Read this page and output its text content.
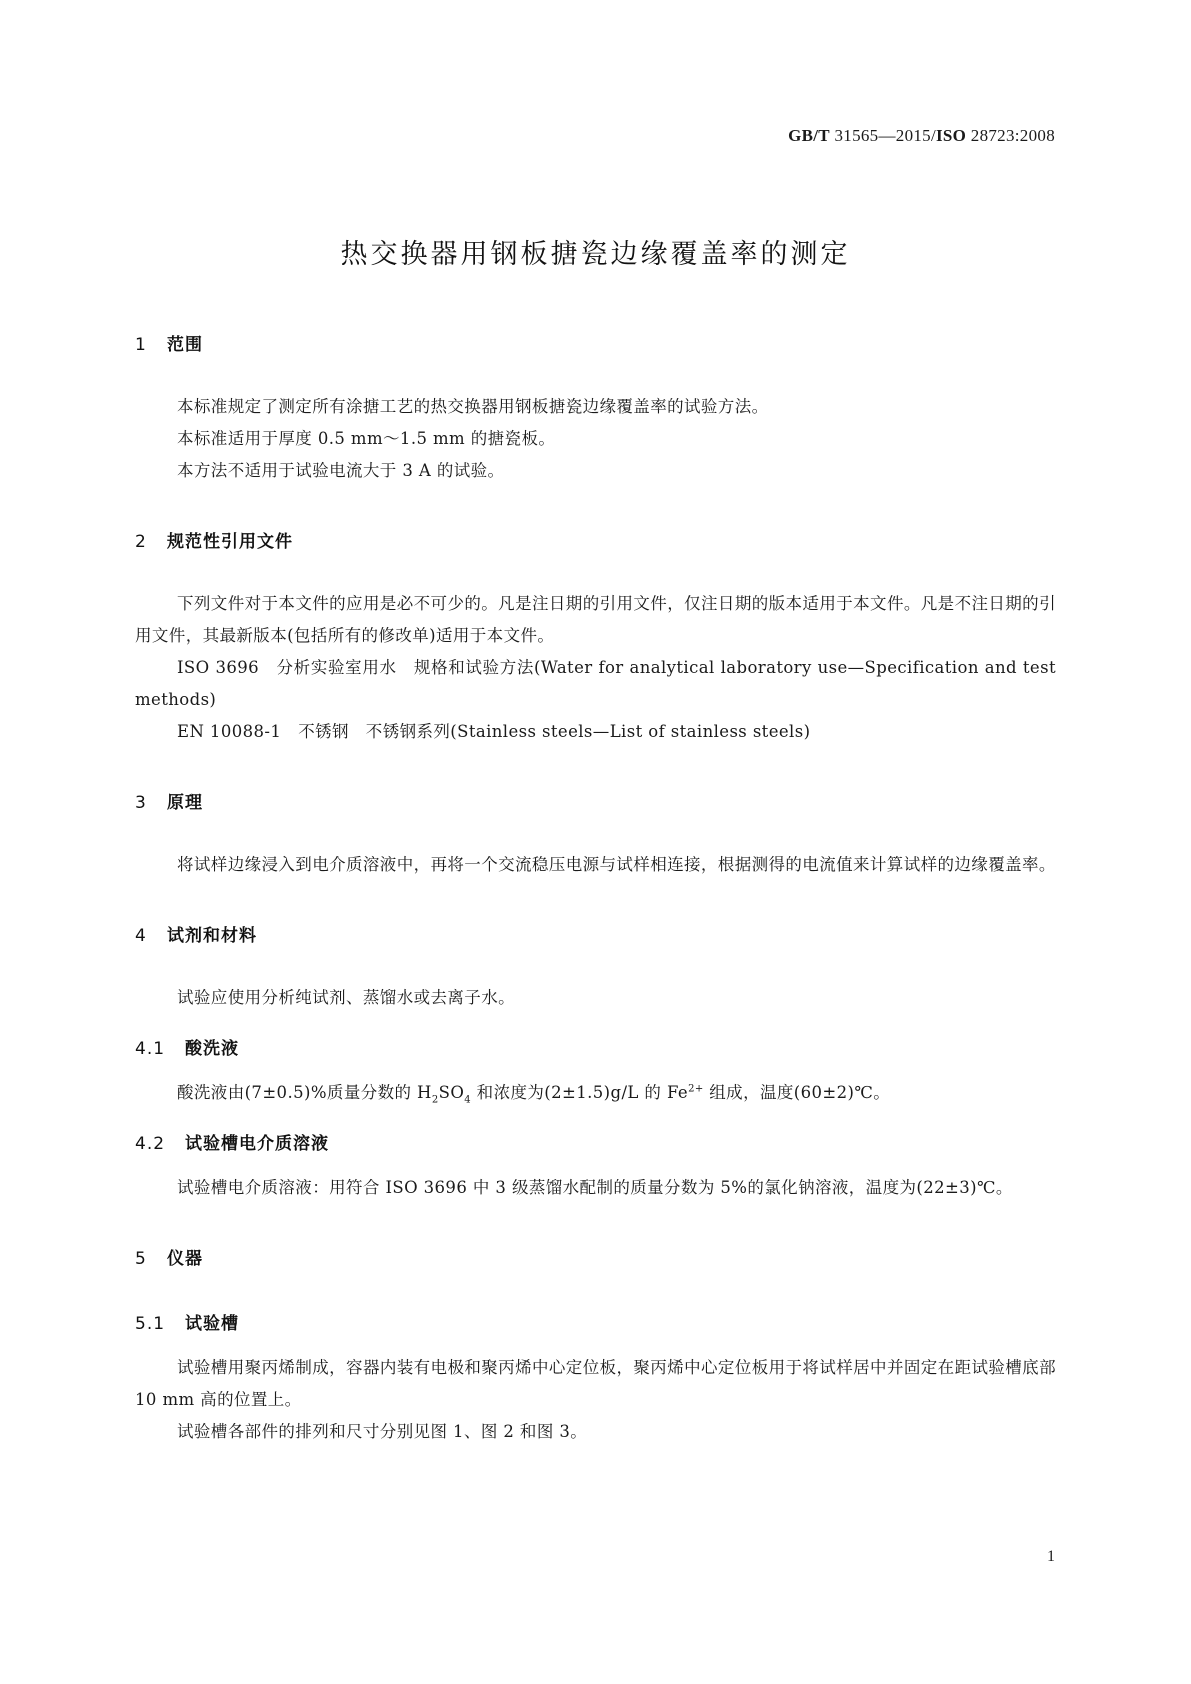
GB/T 31565—2015/ISO 28723:2008
热交换器用钢板搪瓷边缘覆盖率的测定
1 范围

本标准规定了测定所有涂搪工艺的热交换器用钢板搪瓷边缘覆盖率的试验方法。

本标准适用于厚度 0.5 mm～1.5 mm 的搪瓷板。

本方法不适用于试验电流大于 3 A 的试验。

2 规范性引用文件

下列文件对于本文件的应用是必不可少的。凡是注日期的引用文件，仅注日期的版本适用于本文件。凡是不注日期的引用文件，其最新版本(包括所有的修改单)适用于本文件。

ISO 3696　分析实验室用水　规格和试验方法(Water for analytical laboratory use—Specification and test methods)

EN 10088-1　不锈钢　不锈钢系列(Stainless steels—List of stainless steels)

3 原理

将试样边缘浸入到电介质溶液中，再将一个交流稳压电源与试样相连接，根据测得的电流值来计算试样的边缘覆盖率。

4 试剂和材料

试验应使用分析纯试剂、蒸馏水或去离子水。

4.1 酸洗液

酸洗液由(7±0.5)%质量分数的 $H_2SO_4$ 和浓度为(2±1.5)g/L 的 $Fe^{2+}$ 组成，温度(60±2)℃。

4.2 试验槽电介质溶液

试验槽电介质溶液：用符合 ISO 3696 中 3 级蒸馏水配制的质量分数为 5%的氯化钠溶液，温度为(22±3)℃。

5 仪器
5.1 试验槽

试验槽用聚丙烯制成，容器内装有电极和聚丙烯中心定位板，聚丙烯中心定位板用于将试样居中并固定在距试验槽底部 10 mm 高的位置上。

试验槽各部件的排列和尺寸分别见图 1、图 2 和图 3。

1
